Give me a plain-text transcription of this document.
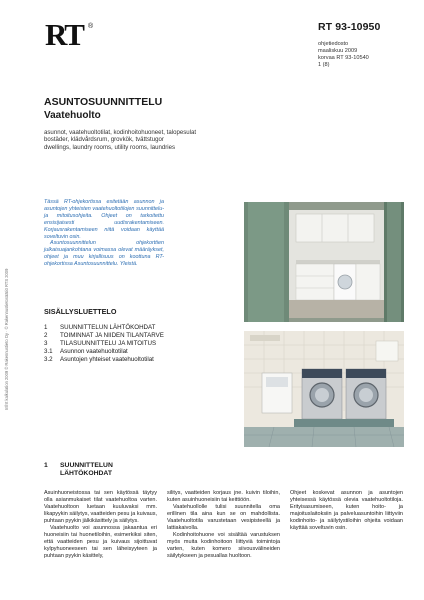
RT ®	RT 93-10950
ohjetiedosto
maaliskuu 2009
korvaa RT 93-10540
1 (8)
ASUNTOSUUNNITTELU
Vaatehuolto
asunnot, vaatehuoltotilat, kodinhoitohuoneet, talopesulat
bostäder, klädvårdsrum, grovkök, tvättstugor
dwellings, laundry rooms, utility rooms, laundries

Tässä RT-ohjekortissa esitetään asunnon ja asuntojen yhteisten vaatehuoltotilojen suunnittelu- ja mitoitusohjeita. Ohjeet on tarkoitettu ensisijaisesti uudisrakentamiseen. Korjausrakentamiseen niitä voidaan käyttää soveltuvin osin.

Asuntosuunnittelun ohjekorttien julkaisuajankohtana voimassa olevat määräykset, ohjeet ja muu kirjallisuus on koottuna RT-ohjekortissa Asuntosuunnittelu. Yleistä.

SISÄLLYSLUETTELO
1	SUUNNITTELUN LÄHTÖKOHDAT
2	TOIMINNAT JA NIIDEN TILANTARVE
3	TILASUUNNITTELU JA MITOITUS
3.1	Asunnon vaatehuoltotilat
3.2	Asuntojen yhteiset vaatehuoltotilat
Infrrt kalkulation 2009 © Rakennustieto Oy · © Rakennustietosäätiö RTS 2009
1 SUUNNITTELUN
LÄHTÖKOHDAT

Asuinhuoneistossa tai sen käytössä täytyy olla asianmukaiset tilat vaatehuoltoa varten. Vaatehuoltoon luetaan kuuluvaksi mm. likapyykin säilytys, vaatteiden pesu ja kuivaus, puhtaan pyykin jälkikäsittely ja säilytys.

Vaatehuolto voi asunnossa jakaantua eri huoneisiin tai huonetiloihin, esimerkiksi siten, että vaatteiden pesu ja kuivaus sijoittuvat kylpyhuoneeseen tai sen läheisyyteen ja puhtaan pyykin käsittely,

silitys, vaatteiden korjaus jne. kuivin tiloihin, kuten asuinhuoneisiin tai keittiöön.

Vaatehuollolle tulisi suunnitella oma erillinen tila aina kun se on mahdollista. Vaatehuoltotila varustetaan vesipisteellä ja lattiakaivolla.

Kodinhoitohuone voi sisältää varustuksen myös muita kodinhoitoon liittyviä toimintoja varten, kuten komero siivousvälineiden säilytykseen ja pesuallas huoltoon.

Ohjeet koskevat asunnon ja asuntojen yhteisessä käytössä olevia vaatehuoltotiloja. Erityisasumiseen, kuten hoito- ja majoituslaitoksiin ja palveluasuntoihin liittyviin kodinhoito- ja säilytystiloihin ohjeita voidaan käyttää soveltuvin osin.
